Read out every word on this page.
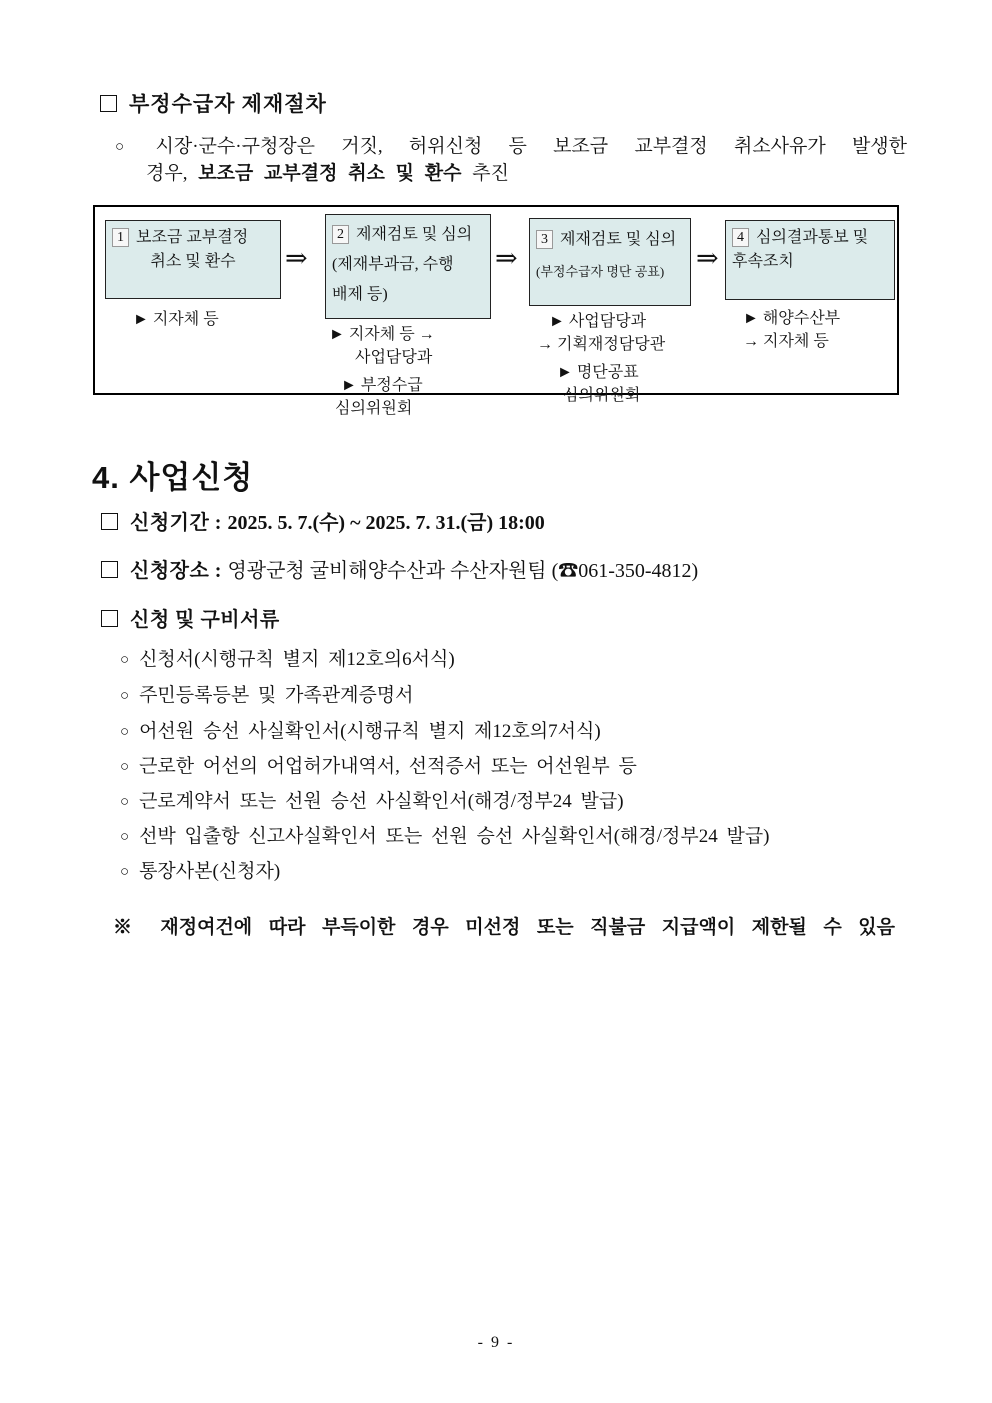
부정수급자 제재절차
○ 시장·군수·구청장은 거짓, 허위신청 등 보조금 교부결정 취소사유가 발생한
경우, 보조금 교부결정 취소 및 환수 추진
1 보조금 교부결정
취소 및 환수
► 지자체 등
⇒
2 제재검토 및 심의
(제재부과금, 수행
배제 등)
► 지자체 등 →
사업담당과
► 부정수급
심의위원회
⇒
3 제재검토 및 심의
(부정수급자 명단 공표)
► 사업담당과
→ 기획재정담당관
► 명단공표
심의위원회
⇒
4 심의결과통보 및
후속조치
► 해양수산부
→ 지자체 등
4. 사업신청
신청기간 : 2025. 5. 7.(수) ~ 2025. 7. 31.(금) 18:00
신청장소 : 영광군청 굴비해양수산과 수산자원팀 (☎061-350-4812)
신청 및 구비서류
○ 신청서(시행규칙 별지 제12호의6서식)
○ 주민등록등본 및 가족관계증명서
○ 어선원 승선 사실확인서(시행규칙 별지 제12호의7서식)
○ 근로한 어선의 어업허가내역서, 선적증서 또는 어선원부 등
○ 근로계약서 또는 선원 승선 사실확인서(해경/정부24 발급)
○ 선박 입출항 신고사실확인서 또는 선원 승선 사실확인서(해경/정부24 발급)
○ 통장사본(신청자)
※ 재정여건에 따라 부득이한 경우 미선정 또는 직불금 지급액이 제한될 수 있음
- 9 -
